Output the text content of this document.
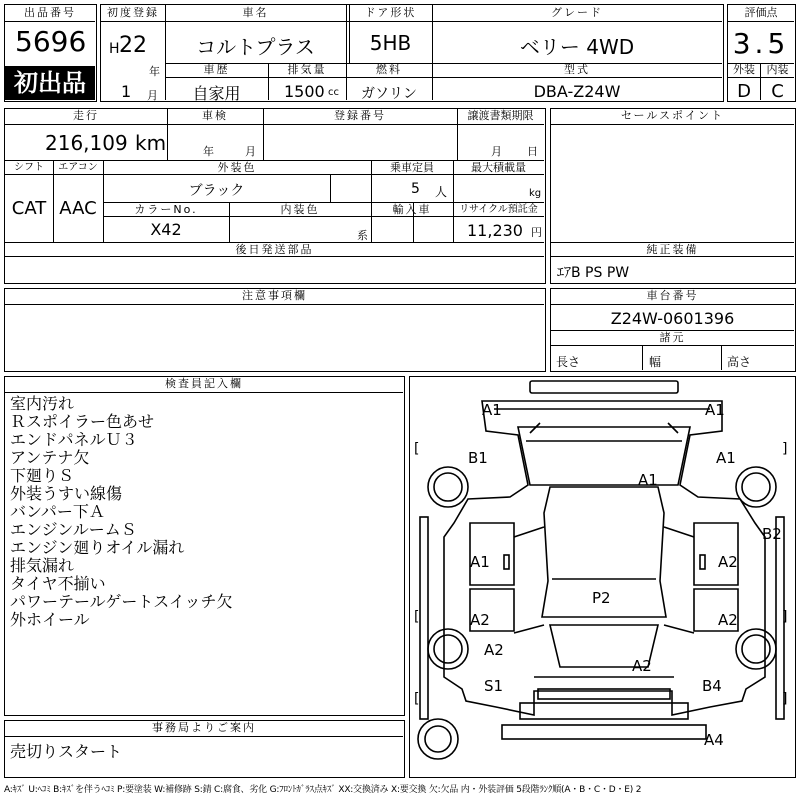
出品番号
5696
初出品
初度登録
H 22
年
1 月
車名
コルトプラス
ドア形状
5HB
グレード
ベリー 4WD
車歴
自家用
排気量
1500 cc
燃料
ガソリン
型式
DBA-Z24W
評価点
3.5
外装	内装
D	C
走行
216,109 km
車検
年	月
登録番号	譲渡書類期限
月 日
シフト
CAT
エアコン
AAC
外装色
ブラック
乗車定員
5 人
最大積載量
kg
カラーNo.
X42
内装色
系
輸入車	リサイクル預託金
11,230 円
後日発送部品
セールスポイント
純正装備
ｴｱB PS PW
注意事項欄	車台番号
Z24W-0601396
諸元
長さ	幅	高さ
検査員記入欄
室内汚れ
Ｒスポイラー色あせ
エンドパネルＵ３
アンテナ欠
下廻りＳ
外装うすい線傷
バンパー下Ａ
エンジンルームＳ
エンジン廻りオイル漏れ
排気漏れ
タイヤ不揃い
パワーテールゲートスイッチ欠
外ホイール
事務局よりご案内
売切りスタート
A1	A1
B1	A1
A1
B2
A1	A2
P2
A2	A2
A2
A2
S1	B4
A4
[	]
[	]
[	]
A:ｷｽﾞ U:ﾍｺﾐ B:ｷｽﾞを伴うﾍｺﾐ P:要塗装 W:補修跡 S:錆 C:腐食、劣化 G:ﾌﾛﾝﾄｶﾞﾗｽ点ｷｽﾞ XX:交換済み X:要交換 欠:欠品 内・外装評価 5段階ﾗﾝｸ順(A・B・C・D・E) 2
